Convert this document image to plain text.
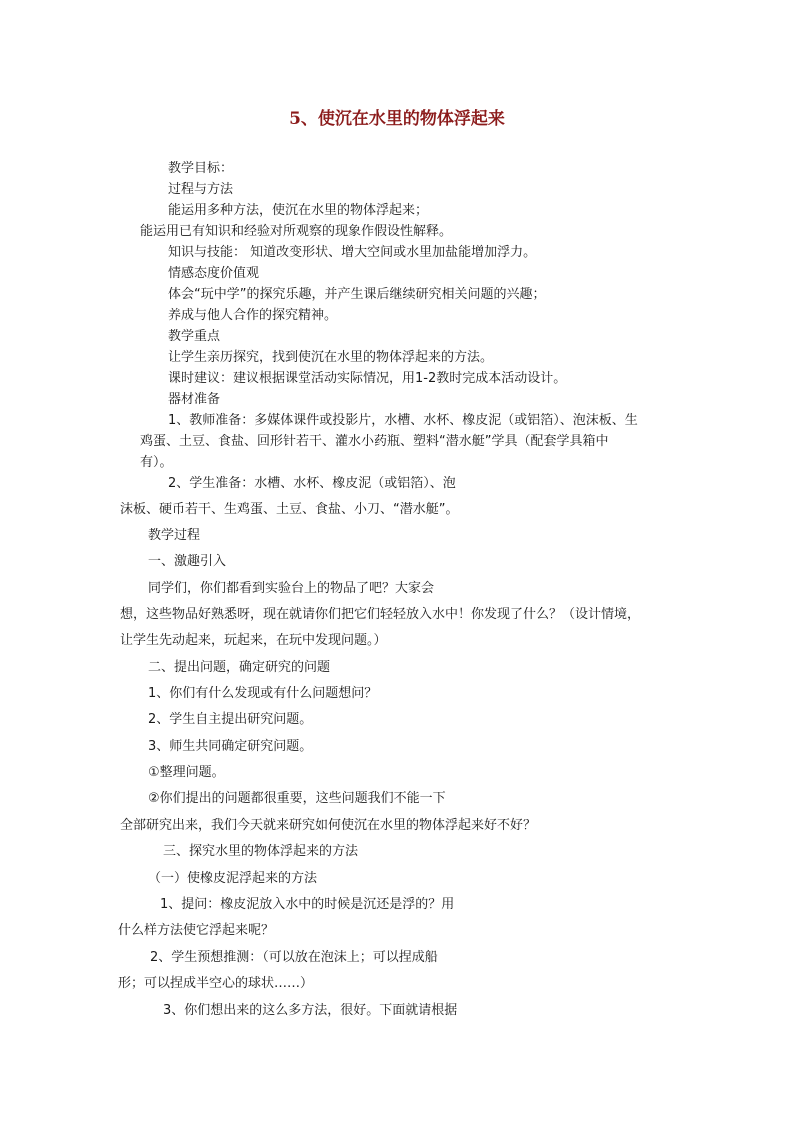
5、使沉在水里的物体浮起来
教学目标：
过程与方法
能运用多种方法，使沉在水里的物体浮起来；
能运用已有知识和经验对所观察的现象作假设性解释。
知识与技能： 知道改变形状、增大空间或水里加盐能增加浮力。
情感态度价值观
体会“玩中学”的探究乐趣，并产生课后继续研究相关问题的兴趣；
养成与他人合作的探究精神。
教学重点
让学生亲历探究，找到使沉在水里的物体浮起来的方法。
课时建议：建议根据课堂活动实际情况，用1-2教时完成本活动设计。
器材准备
1、教师准备：多媒体课件或投影片，水槽、水杯、橡皮泥（或铝箔）、泡沫板、生
鸡蛋、土豆、食盐、回形针若干、灌水小药瓶、塑料“潜水艇”学具（配套学具箱中
有）。
2、学生准备：水槽、水杯、橡皮泥（或铝箔）、泡
沫板、硬币若干、生鸡蛋、土豆、食盐、小刀、“潜水艇”。
教学过程
一、激趣引入
同学们，你们都看到实验台上的物品了吧？大家会
想，这些物品好熟悉呀，现在就请你们把它们轻轻放入水中！你发现了什么？（设计情境，
让学生先动起来，玩起来，在玩中发现问题。）
二、提出问题，确定研究的问题
1、你们有什么发现或有什么问题想问？
2、学生自主提出研究问题。
3、师生共同确定研究问题。
①整理问题。
②你们提出的问题都很重要，这些问题我们不能一下
全部研究出来，我们今天就来研究如何使沉在水里的物体浮起来好不好？
三、探究水里的物体浮起来的方法
（一）使橡皮泥浮起来的方法
1、提问：橡皮泥放入水中的时候是沉还是浮的？用
什么样方法使它浮起来呢？
2、学生预想推测：（可以放在泡沫上；可以捏成船
形；可以捏成半空心的球状……）
3、你们想出来的这么多方法，很好。下面就请根据
